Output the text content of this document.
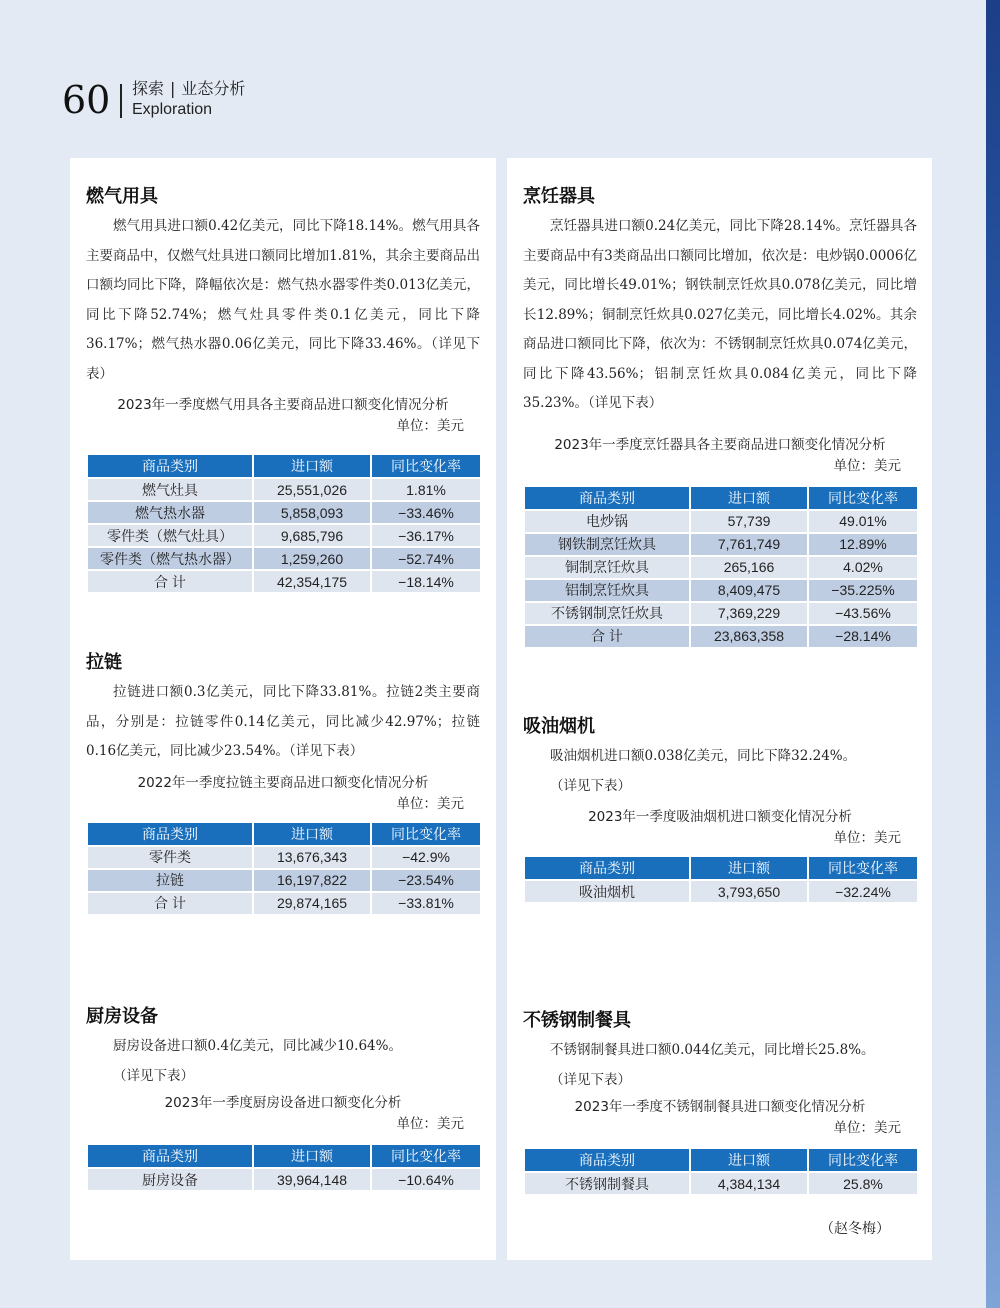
60 探索 | 业态分析
Exploration
燃气用具

燃气用具进口额0.42亿美元，同比下降18.14%。燃气用具各主要商品中，仅燃气灶具进口额同比增加1.81%，其余主要商品出口额均同比下降，降幅依次是：燃气热水器零件类0.013亿美元，同比下降52.74%；燃气灶具零件类0.1亿美元，同比下降36.17%；燃气热水器0.06亿美元，同比下降33.46%。（详见下表）

2023年一季度燃气用具各主要商品进口额变化情况分析
单位：美元
商品类别	进口额	同比变化率
燃气灶具	25,551,026	1.81%
燃气热水器	5,858,093	−33.46%
零件类（燃气灶具）	9,685,796	−36.17%
零件类（燃气热水器）	1,259,260	−52.74%
合 计	42,354,175	−18.14%
拉链

拉链进口额0.3亿美元，同比下降33.81%。拉链2类主要商品，分别是：拉链零件0.14亿美元，同比减少42.97%；拉链0.16亿美元，同比减少23.54%。（详见下表）

2022年一季度拉链主要商品进口额变化情况分析
单位：美元
商品类别	进口额	同比变化率
零件类	13,676,343	−42.9%
拉链	16,197,822	−23.54%
合 计	29,874,165	−33.81%
厨房设备

厨房设备进口额0.4亿美元，同比减少10.64%。

（详见下表）

2023年一季度厨房设备进口额变化分析
单位：美元
商品类别	进口额	同比变化率
厨房设备	39,964,148	−10.64%
烹饪器具

烹饪器具进口额0.24亿美元，同比下降28.14%。烹饪器具各主要商品中有3类商品出口额同比增加，依次是：电炒锅0.0006亿美元，同比增长49.01%；钢铁制烹饪炊具0.078亿美元，同比增长12.89%；铜制烹饪炊具0.027亿美元，同比增长4.02%。其余商品进口额同比下降，依次为：不锈钢制烹饪炊具0.074亿美元，同比下降43.56%；铝制烹饪炊具0.084亿美元，同比下降35.23%。（详见下表）

2023年一季度烹饪器具各主要商品进口额变化情况分析
单位：美元
商品类别	进口额	同比变化率
电炒锅	57,739	49.01%
钢铁制烹饪炊具	7,761,749	12.89%
铜制烹饪炊具	265,166	4.02%
铝制烹饪炊具	8,409,475	−35.225%
不锈钢制烹饪炊具	7,369,229	−43.56%
合 计	23,863,358	−28.14%
吸油烟机

吸油烟机进口额0.038亿美元，同比下降32.24%。

（详见下表）

2023年一季度吸油烟机进口额变化情况分析
单位：美元
商品类别	进口额	同比变化率
吸油烟机	3,793,650	−32.24%
不锈钢制餐具

不锈钢制餐具进口额0.044亿美元，同比增长25.8%。

（详见下表）

2023年一季度不锈钢制餐具进口额变化情况分析
单位：美元
商品类别	进口额	同比变化率
不锈钢制餐具	4,384,134	25.8%
（赵冬梅）
